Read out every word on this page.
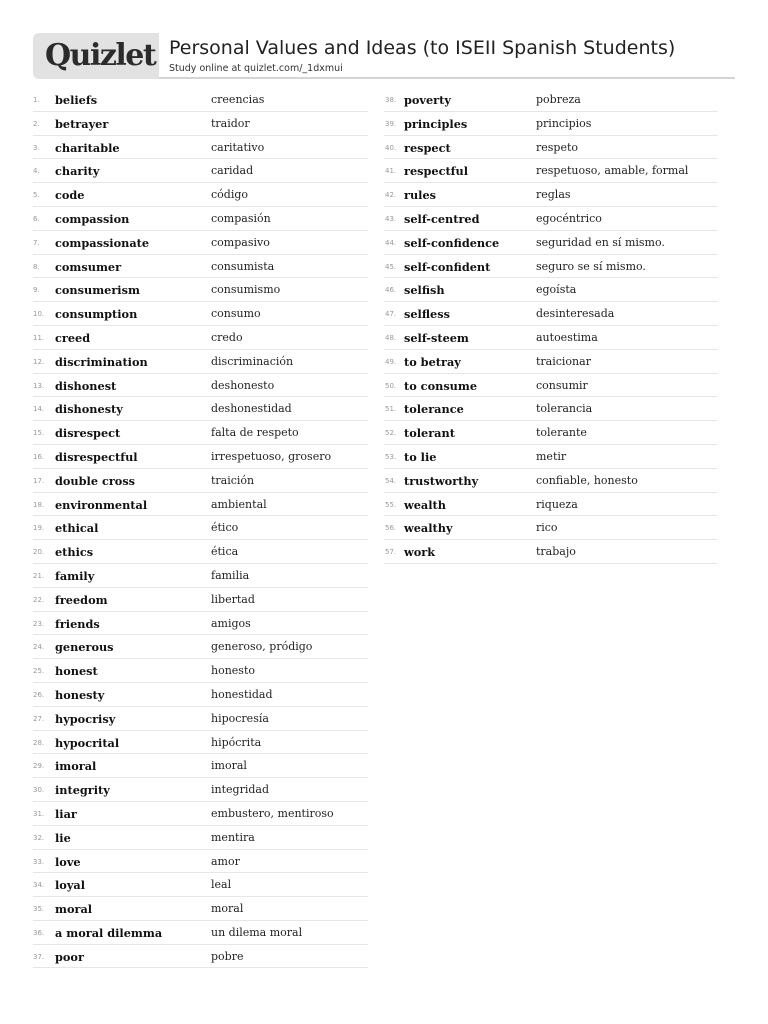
Quizlet Personal Values and Ideas (to ISEII Spanish Students)
Study online at quizlet.com/_1dxmui
1. beliefs	creencias
2. betrayer	traidor
3. charitable	caritativo
4. charity	caridad
5. code	código
6. compassion	compasión
7. compassionate	compasivo
8. comsumer	consumista
9. consumerism	consumismo
10. consumption	consumo
11. creed	credo
12. discrimination	discriminación
13. dishonest	deshonesto
14. dishonesty	deshonestidad
15. disrespect	falta de respeto
16. disrespectful	irrespetuoso, grosero
17. double cross	traición
18. environmental	ambiental
19. ethical	ético
20. ethics	ética
21. family	familia
22. freedom	libertad
23. friends	amigos
24. generous	generoso, pródigo
25. honest	honesto
26. honesty	honestidad
27. hypocrisy	hipocresía
28. hypocrital	hipócrita
29. imoral	imoral
30. integrity	integridad
31. liar	embustero, mentiroso
32. lie	mentira
33. love	amor
34. loyal	leal
35. moral	moral
36. a moral dilemma	un dilema moral
37. poor	pobre
38. poverty	pobreza
39. principles	principios
40. respect	respeto
41. respectful	respetuoso, amable, formal
42. rules	reglas
43. self-centred	egocéntrico
44. self-confidence	seguridad en sí mismo.
45. self-confident	seguro se sí mismo.
46. selfish	egoísta
47. selfless	desinteresada
48. self-steem	autoestima
49. to betray	traicionar
50. to consume	consumir
51. tolerance	tolerancia
52. tolerant	tolerante
53. to lie	metir
54. trustworthy	confiable, honesto
55. wealth	riqueza
56. wealthy	rico
57. work	trabajo
